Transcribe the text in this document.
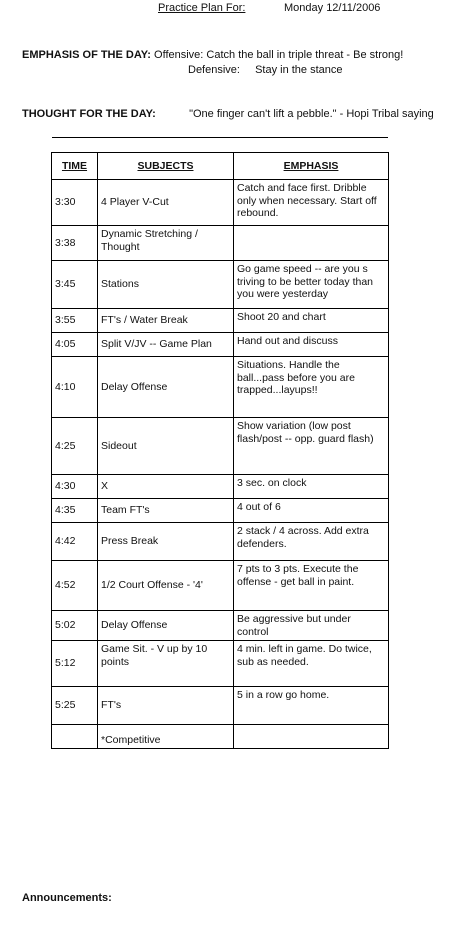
Practice Plan For:	Monday 12/11/2006
EMPHASIS OF THE DAY: Offensive: Catch the ball in triple threat - Be strong!
Defensive: Stay in the stance
THOUGHT FOR THE DAY:	"One finger can't lift a pebble." - Hopi Tribal saying
TIME	SUBJECTS	EMPHASIS
3:30	4 Player V-Cut	Catch and face first. Dribble only when necessary. Start off rebound.
3:38	Dynamic Stretching / Thought	
3:45	Stations	Go game speed -- are you s triving to be better today than you were yesterday
3:55	FT's / Water Break	Shoot 20 and chart
4:05	Split V/JV -- Game Plan	Hand out and discuss
4:10	Delay Offense	Situations. Handle the ball...pass before you are trapped...layups!!
4:25	Sideout	Show variation (low post flash/post -- opp. guard flash)
4:30	X	3 sec. on clock
4:35	Team FT's	4 out of 6
4:42	Press Break	2 stack / 4 across. Add extra defenders.
4:52	1/2 Court Offense - '4'	7 pts to 3 pts. Execute the offense - get ball in paint.
5:02	Delay Offense	Be aggressive but under control
5:12	Game Sit. - V up by 10 points	4 min. left in game. Do twice, sub as needed.
5:25	FT's	5 in a row go home.
	*Competitive	
Announcements:
